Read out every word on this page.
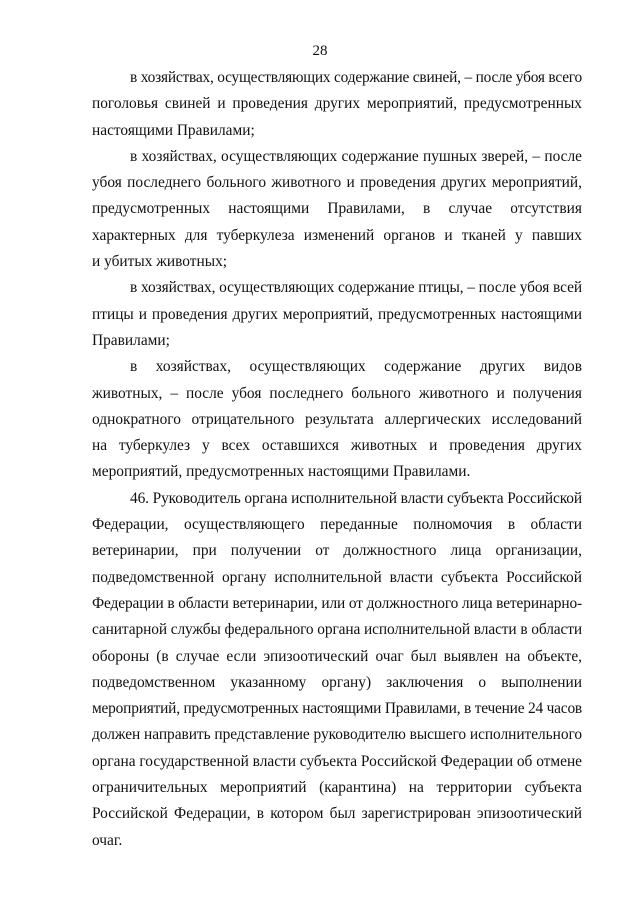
28
в хозяйствах, осуществляющих содержание свиней, – после убоя всего
поголовья свиней и проведения других мероприятий, предусмотренных
настоящими Правилами;
в хозяйствах, осуществляющих содержание пушных зверей, – после
убоя последнего больного животного и проведения других мероприятий,
предусмотренных настоящими Правилами, в случае отсутствия
характерных для туберкулеза изменений органов и тканей у павших
и убитых животных;
в хозяйствах, осуществляющих содержание птицы, – после убоя всей
птицы и проведения других мероприятий, предусмотренных настоящими
Правилами;
в хозяйствах, осуществляющих содержание других видов
животных, – после убоя последнего больного животного и получения
однократного отрицательного результата аллергических исследований
на туберкулез у всех оставшихся животных и проведения других
мероприятий, предусмотренных настоящими Правилами.
46. Руководитель органа исполнительной власти субъекта Российской
Федерации, осуществляющего переданные полномочия в области
ветеринарии, при получении от должностного лица организации,
подведомственной органу исполнительной власти субъекта Российской
Федерации в области ветеринарии, или от должностного лица ветеринарно-
санитарной службы федерального органа исполнительной власти в области
обороны (в случае если эпизоотический очаг был выявлен на объекте,
подведомственном указанному органу) заключения о выполнении
мероприятий, предусмотренных настоящими Правилами, в течение 24 часов
должен направить представление руководителю высшего исполнительного
органа государственной власти субъекта Российской Федерации об отмене
ограничительных мероприятий (карантина) на территории субъекта
Российской Федерации, в котором был зарегистрирован эпизоотический
очаг.
